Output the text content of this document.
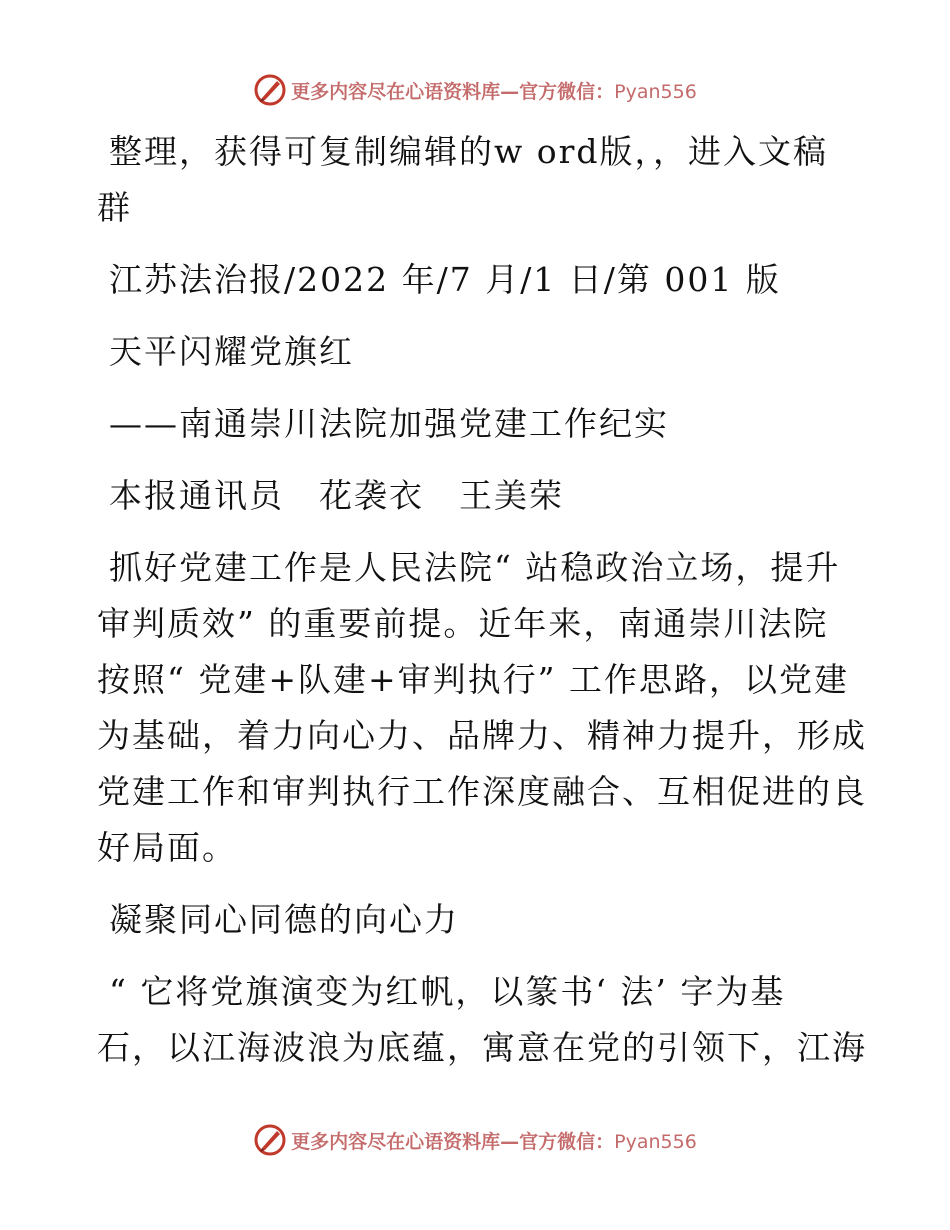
更多内容尽在心语资料库—官方微信：Pyan556

整理，获得可复制编辑的w ord版，，进入文稿

群

江苏法治报/2022 年/7 月/1 日/第 001 版

天平闪耀党旗红

——南通崇川法院加强党建工作纪实

本报通讯员　花袭衣　王美荣

抓好党建工作是人民法院“ 站稳政治立场，提升

审判质效” 的重要前提。近年来，南通崇川法院

按照“ 党建+队建+审判执行” 工作思路，以党建

为基础，着力向心力、品牌力、精神力提升，形成

党建工作和审判执行工作深度融合、互相促进的良

好局面。

凝聚同心同德的向心力

“ 它将党旗演变为红帆，以篆书‘ 法’ 字为基

石，以江海波浪为底蕴，寓意在党的引领下，江海

更多内容尽在心语资料库—官方微信：Pyan556
